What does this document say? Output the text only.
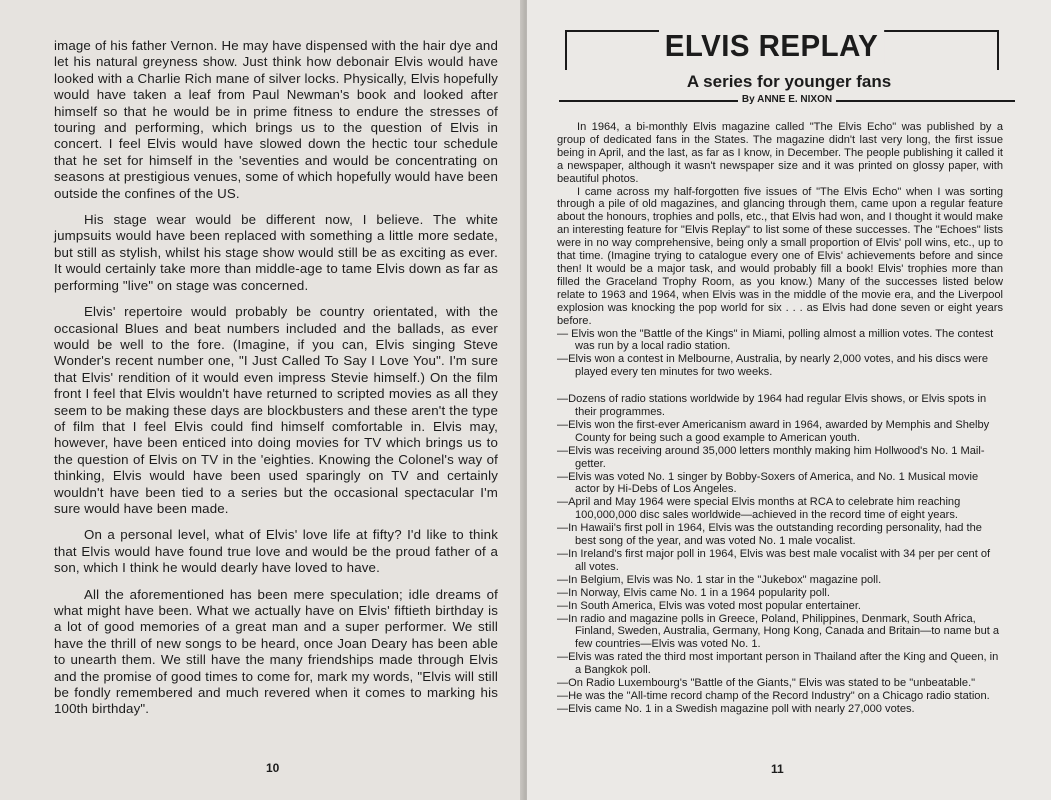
image of his father Vernon. He may have dispensed with the hair dye and let his natural greyness show. Just think how debonair Elvis would have looked with a Charlie Rich mane of silver locks. Physically, Elvis hopefully would have taken a leaf from Paul Newman's book and looked after himself so that he would be in prime fitness to endure the stresses of touring and performing, which brings us to the question of Elvis in concert. I feel Elvis would have slowed down the hectic tour schedule that he set for himself in the 'seventies and would be concentrating on seasons at prestigious venues, some of which hopefully would have been outside the confines of the US.

His stage wear would be different now, I believe. The white jumpsuits would have been replaced with something a little more sedate, but still as stylish, whilst his stage show would still be as exciting as ever. It would certainly take more than middle-age to tame Elvis down as far as performing "live" on stage was concerned.

Elvis' repertoire would probably be country orientated, with the occasional Blues and beat numbers included and the ballads, as ever would be well to the fore. (Imagine, if you can, Elvis singing Steve Wonder's recent number one, "I Just Called To Say I Love You". I'm sure that Elvis' rendition of it would even impress Stevie himself.) On the film front I feel that Elvis wouldn't have returned to scripted movies as all they seem to be making these days are blockbusters and these aren't the type of film that I feel Elvis could find himself comfortable in. Elvis may, however, have been enticed into doing movies for TV which brings us to the question of Elvis on TV in the 'eighties. Knowing the Colonel's way of thinking, Elvis would have been used sparingly on TV and certainly wouldn't have been tied to a series but the occasional spectacular I'm sure would have been made.

On a personal level, what of Elvis' love life at fifty? I'd like to think that Elvis would have found true love and would be the proud father of a son, which I think he would dearly have loved to have.

All the aforementioned has been mere speculation; idle dreams of what might have been. What we actually have on Elvis' fiftieth birthday is a lot of good memories of a great man and a super performer. We still have the thrill of new songs to be heard, once Joan Deary has been able to unearth them. We still have the many friendships made through Elvis and the promise of good times to come for, mark my words, "Elvis will still be fondly remembered and much revered when it comes to marking his 100th birthday".

10
ELVIS REPLAY
A series for younger fans
By ANNE E. NIXON

In 1964, a bi-monthly Elvis magazine called "The Elvis Echo" was published by a group of dedicated fans in the States. The magazine didn't last very long, the first issue being in April, and the last, as far as I know, in December. The people publishing it called it a newspaper, although it wasn't newspaper size and it was printed on glossy paper, with beautiful photos.

I came across my half-forgotten five issues of "The Elvis Echo" when I was sorting through a pile of old magazines, and glancing through them, came upon a regular feature about the honours, trophies and polls, etc., that Elvis had won, and I thought it would make an interesting feature for "Elvis Replay" to list some of these successes. The "Echoes" lists were in no way comprehensive, being only a small proportion of Elvis' poll wins, etc., up to that time. (Imagine trying to catalogue every one of Elvis' achievements before and since then! It would be a major task, and would probably fill a book! Elvis' trophies more than filled the Graceland Trophy Room, as you know.) Many of the successes listed below relate to 1963 and 1964, when Elvis was in the middle of the movie era, and the Liverpool explosion was knocking the pop world for six . . . as Elvis had done seven or eight years before.

— Elvis won the "Battle of the Kings" in Miami, polling almost a million votes. The contest was run by a local radio station.
—Elvis won a contest in Melbourne, Australia, by nearly 2,000 votes, and his discs were played every ten minutes for two weeks.
—Dozens of radio stations worldwide by 1964 had regular Elvis shows, or Elvis spots in their programmes.
—Elvis won the first-ever Americanism award in 1964, awarded by Memphis and Shelby County for being such a good example to American youth.
—Elvis was receiving around 35,000 letters monthly making him Hollwood's No. 1 Mail-getter.
—Elvis was voted No. 1 singer by Bobby-Soxers of America, and No. 1 Musical movie actor by Hi-Debs of Los Angeles.
—April and May 1964 were special Elvis months at RCA to celebrate him reaching 100,000,000 disc sales worldwide—achieved in the record time of eight years.
—In Hawaii's first poll in 1964, Elvis was the outstanding recording personality, had the best song of the year, and was voted No. 1 male vocalist.
—In Ireland's first major poll in 1964, Elvis was best male vocalist with 34 per per cent of all votes.
—In Belgium, Elvis was No. 1 star in the "Jukebox" magazine poll.
—In Norway, Elvis came No. 1 in a 1964 popularity poll.
—In South America, Elvis was voted most popular entertainer.
—In radio and magazine polls in Greece, Poland, Philippines, Denmark, South Africa, Finland, Sweden, Australia, Germany, Hong Kong, Canada and Britain—to name but a few countries—Elvis was voted No. 1.
—Elvis was rated the third most important person in Thailand after the King and Queen, in a Bangkok poll.
—On Radio Luxembourg's "Battle of the Giants," Elvis was stated to be "unbeatable."
—He was the "All-time record champ of the Record Industry" on a Chicago radio station.
—Elvis came No. 1 in a Swedish magazine poll with nearly 27,000 votes.
11
